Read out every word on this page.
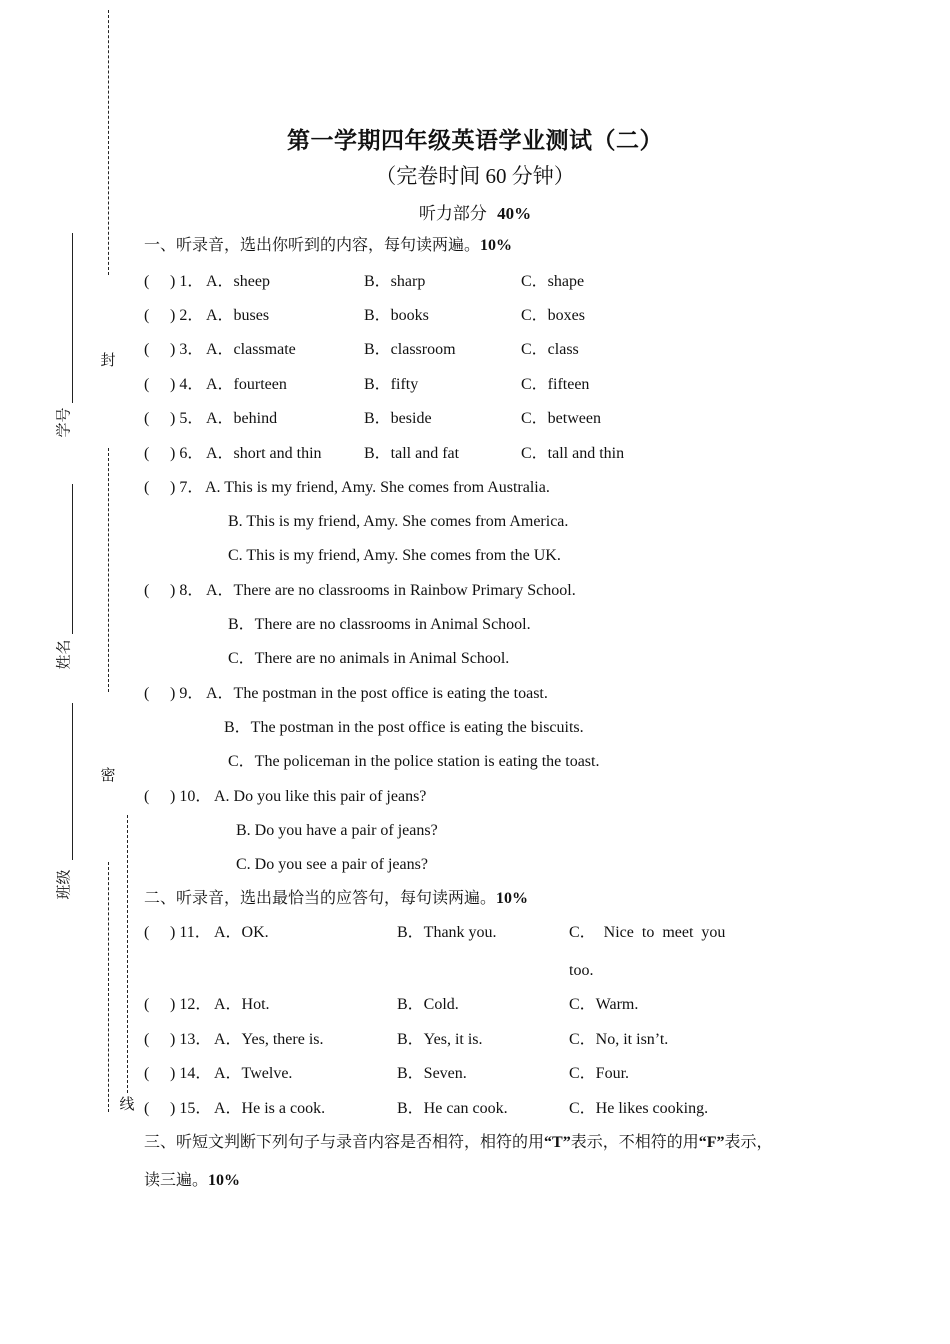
封
密
线
学号
姓名
班级
第一学期四年级英语学业测试（二）
（完卷时间 60 分钟）
听力部分 40%
一、听录音，选出你听到的内容，每句读两遍。10%
( ) 1． A．sheep	B．sharp	C．shape
( ) 2． A．buses	B．books	C．boxes
( ) 3． A．classmate	B．classroom	C．class
( ) 4． A．fourteen	B．fifty	C．fifteen
( ) 5． A．behind	B．beside	C．between
( ) 6． A．short and thin	B．tall and fat	C．tall and thin
( ) 7． A. This is my friend, Amy. She comes from Australia.
B. This is my friend, Amy. She comes from America.
C. This is my friend, Amy. She comes from the UK.
( ) 8． A．There are no classrooms in Rainbow Primary School.
B．There are no classrooms in Animal School.
C．There are no animals in Animal School.
( ) 9． A．The postman in the post office is eating the toast.
B．The postman in the post office is eating the biscuits.
C．The policeman in the police station is eating the toast.
( ) 10． A. Do you like this pair of jeans?
B. Do you have a pair of jeans?
C. Do you see a pair of jeans?
二、听录音，选出最恰当的应答句，每句读两遍。10%
( ) 11． A．OK.	B．Thank you.	C．  Nice  to  meet  you
too.
( ) 12． A．Hot.	B．Cold.	C．Warm.
( ) 13． A．Yes, there is.	B．Yes, it is.	C．No, it isn’t.
( ) 14． A．Twelve.	B．Seven.	C．Four.
( ) 15． A．He is a cook.	B．He can cook.	C．He likes cooking.
三、听短文判断下列句子与录音内容是否相符，相符的用“T”表示，不相符的用“F”表示，
读三遍。10%
